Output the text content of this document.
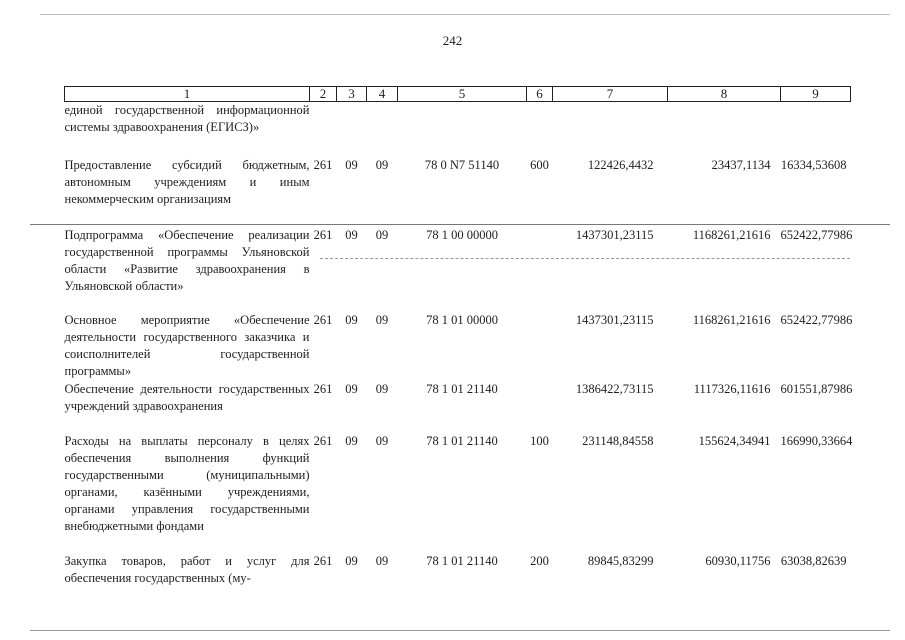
242
1	2	3	4	5	6	7	8	9
единой государственной информационной системы здравоохранения (ЕГИСЗ)»								
Предоставление субсидий бюджетным, автономным учреждениям и иным некоммерческим организациям	261	09	09	78 0 N7 51140	600	122426,4432	23437,1134	16334,53608
Подпрограмма «Обеспечение реализации государственной программы Ульяновской области «Развитие здравоохранения в Ульяновской области»	261	09	09	78 1 00 00000		1437301,23115	1168261,21616	652422,77986
Основное мероприятие «Обеспечение деятельности государственного заказчика и соисполнителей государственной программы»	261	09	09	78 1 01 00000		1437301,23115	1168261,21616	652422,77986
Обеспечение деятельности государственных учреждений здравоохранения	261	09	09	78 1 01 21140		1386422,73115	1117326,11616	601551,87986
Расходы на выплаты персоналу в целях обеспечения выполнения функций государственными (муниципальными) органами, казёнными учреждениями, органами управления государственными внебюджетными фондами	261	09	09	78 1 01 21140	100	231148,84558	155624,34941	166990,33664
Закупка товаров, работ и услуг для обеспечения государственных (му-	261	09	09	78 1 01 21140	200	89845,83299	60930,11756	63038,82639
